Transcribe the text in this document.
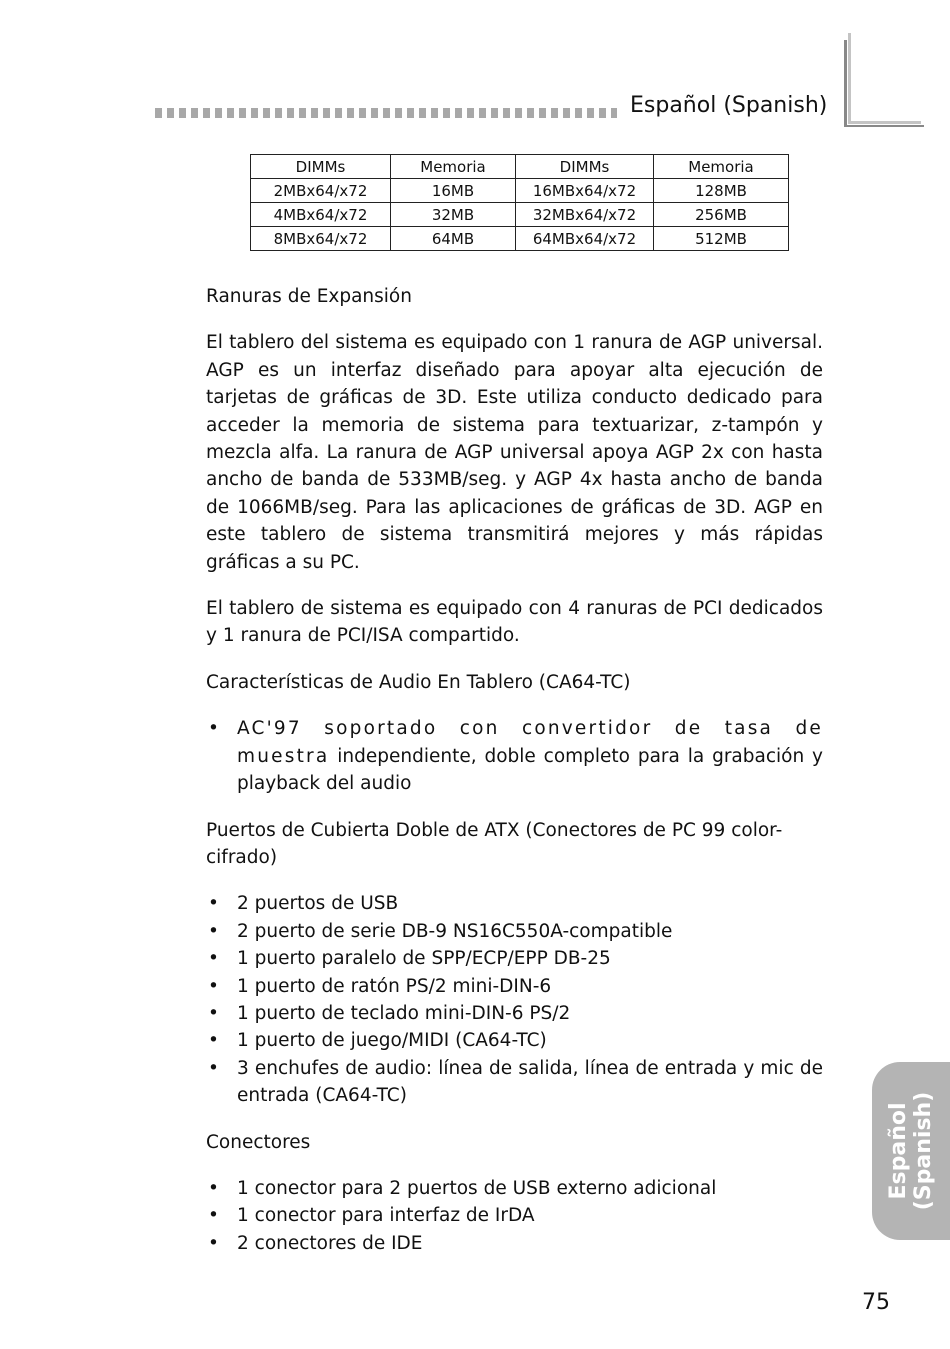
Español (Spanish)
DIMMs	Memoria	DIMMs	Memoria
2MBx64/x72	16MB	16MBx64/x72	128MB
4MBx64/x72	32MB	32MBx64/x72	256MB
8MBx64/x72	64MB	64MBx64/x72	512MB
Ranuras de Expansión

El tablero del sistema es equipado con 1 ranura de AGP universal. AGP es un interfaz diseñado para apoyar alta ejecución de tarjetas de gráficas de 3D. Este utiliza conducto dedicado para acceder la memoria de sistema para textuarizar, z-tampón y mezcla alfa. La ranura de AGP universal apoya AGP 2x con hasta ancho de banda de 533MB/seg. y AGP 4x hasta ancho de banda de 1066MB/seg. Para las aplicaciones de gráficas de 3D. AGP en este tablero de sistema transmitirá mejores y más rápidas gráficas a su PC.

El tablero de sistema es equipado con 4 ranuras de PCI dedicados y 1 ranura de PCI/ISA compartido.

Características de Audio En Tablero (CA64-TC)
• AC'97 soportado con convertidor de tasa de muestra independiente, doble completo para la grabación y playback del audio
Puertos de Cubierta Doble de ATX (Conectores de PC 99 color-cifrado)
• 2 puertos de USB
• 2 puerto de serie DB-9 NS16C550A-compatible
• 1 puerto paralelo de SPP/ECP/EPP DB-25
• 1 puerto de ratón PS/2 mini-DIN-6
• 1 puerto de teclado mini-DIN-6 PS/2
• 1 puerto de juego/MIDI (CA64-TC)
• 3 enchufes de audio: línea de salida, línea de entrada y mic de entrada (CA64-TC)
Conectores
• 1 conector para 2 puertos de USB externo adicional
• 1 conector para interfaz de IrDA
• 2 conectores de IDE
Español (Spanish)
75
